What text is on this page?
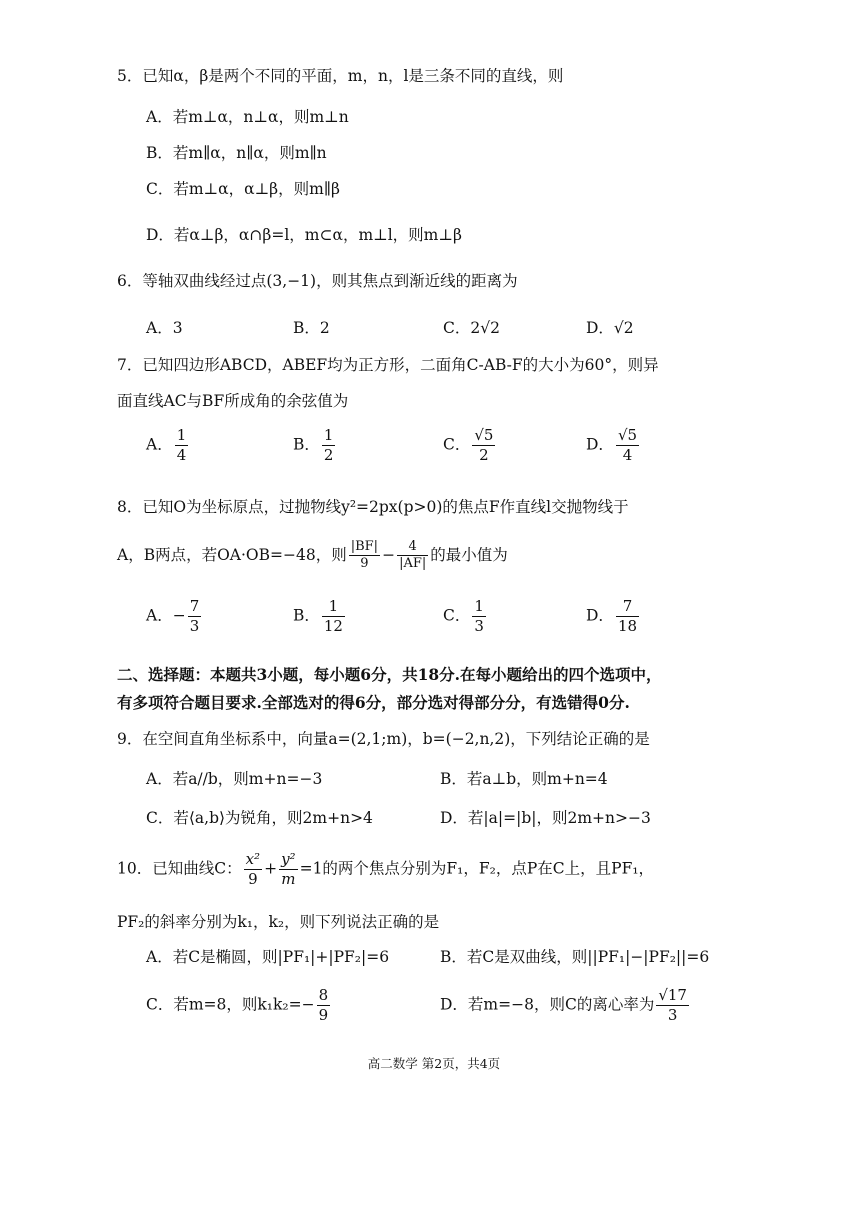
5．已知α，β是两个不同的平面，m，n，l是三条不同的直线，则
A．若m⊥α，n⊥α，则m⊥n
B．若m∥α，n∥α，则m∥n
C．若m⊥α，α⊥β，则m∥β
D．若α⊥β，α∩β=l，m⊂α，m⊥l，则m⊥β
6．等轴双曲线经过点(3,−1)，则其焦点到渐近线的距离为
A．3	B．2	C．2√2	D．√2
7．已知四边形ABCD，ABEF均为正方形，二面角C-AB-F的大小为60°，则异
面直线AC与BF所成角的余弦值为
A． $\frac{1}{4}$	B． $\frac{1}{2}$	C． $\frac{√5}{2}$	D． $\frac{√5}{4}$
8．已知O为坐标原点，过抛物线y²=2px(p>0)的焦点F作直线l交抛物线于
A，B两点，若OA·OB=−48，则 $\frac{|BF|}{9} - \frac{4}{|AF|}$ 的最小值为
A．− $\frac{7}{3}$	B． $\frac{1}{12}$	C． $\frac{1}{3}$	D． $\frac{7}{18}$
二、选择题：本题共3小题，每小题6分，共18分.在每小题给出的四个选项中，
有多项符合题目要求.全部选对的得6分，部分选对得部分分，有选错得0分.
9．在空间直角坐标系中，向量a=(2,1;m)，b=(−2,n,2)，下列结论正确的是
A．若a//b，则m+n=−3	B．若a⊥b，则m+n=4
C．若⟨a,b⟩为锐角，则2m+n>4	D．若|a|=|b|，则2m+n>−3
10．已知曲线C： $\frac{\text{x²}}{9} + \frac{\text{y²}}{m} =1$的两个焦点分别为F₁，F₂，点P在C上，且PF₁，
PF₂的斜率分别为k₁，k₂，则下列说法正确的是
A．若C是椭圆，则|PF₁|+|PF₂|=6	B．若C是双曲线，则||PF₁|−|PF₂||=6
C．若m=8，则$k_1k_2=- \frac{8}{9}$	D．若m=−8，则C的离心率为 $\frac{√17}{3}$
高二数学 第2页，共4页
